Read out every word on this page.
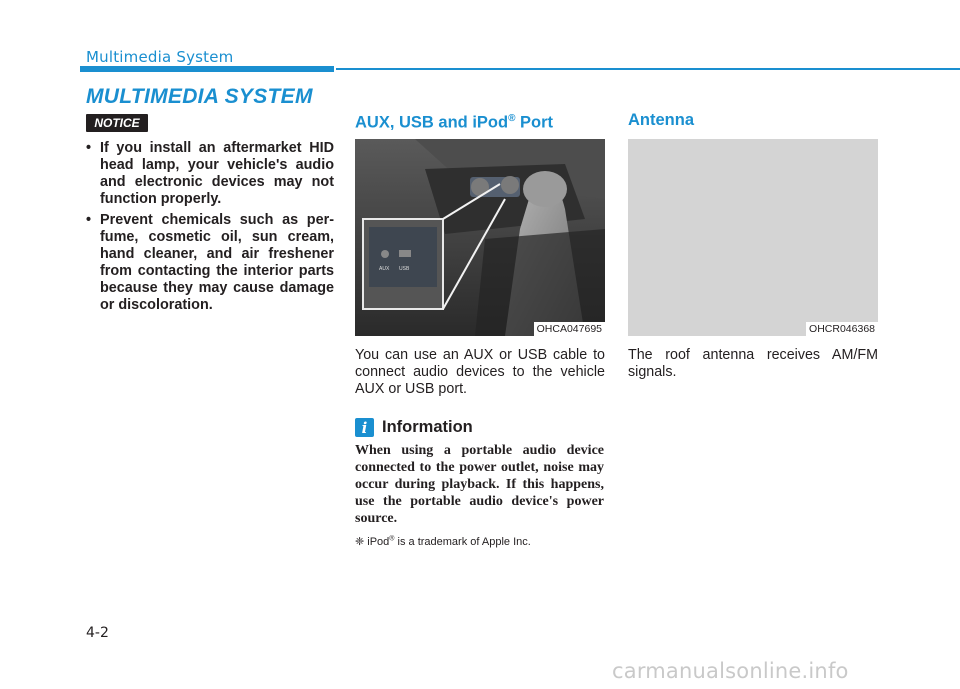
Multimedia System
MULTIMEDIA SYSTEM
NOTICE
• If you install an aftermarket HID head lamp, your vehicle's audio and electronic devices may not function properly.
• Prevent chemicals such as per-fume, cosmetic oil, sun cream, hand cleaner, and air freshener from contacting the interior parts because they may cause damage or discoloration.
AUX, USB and iPod® Port
AUX USB
OHCA047695
You can use an AUX or USB cable to connect audio devices to the vehicle AUX or USB port.
i Information
When using a portable audio device connected to the power outlet, noise may occur during playback. If this happens, use the portable audio device's power source.
❈ iPod® is a trademark of Apple Inc.
Antenna
OHCR046368
The roof antenna receives AM/FM signals.
4-2
carmanualsonline.info
